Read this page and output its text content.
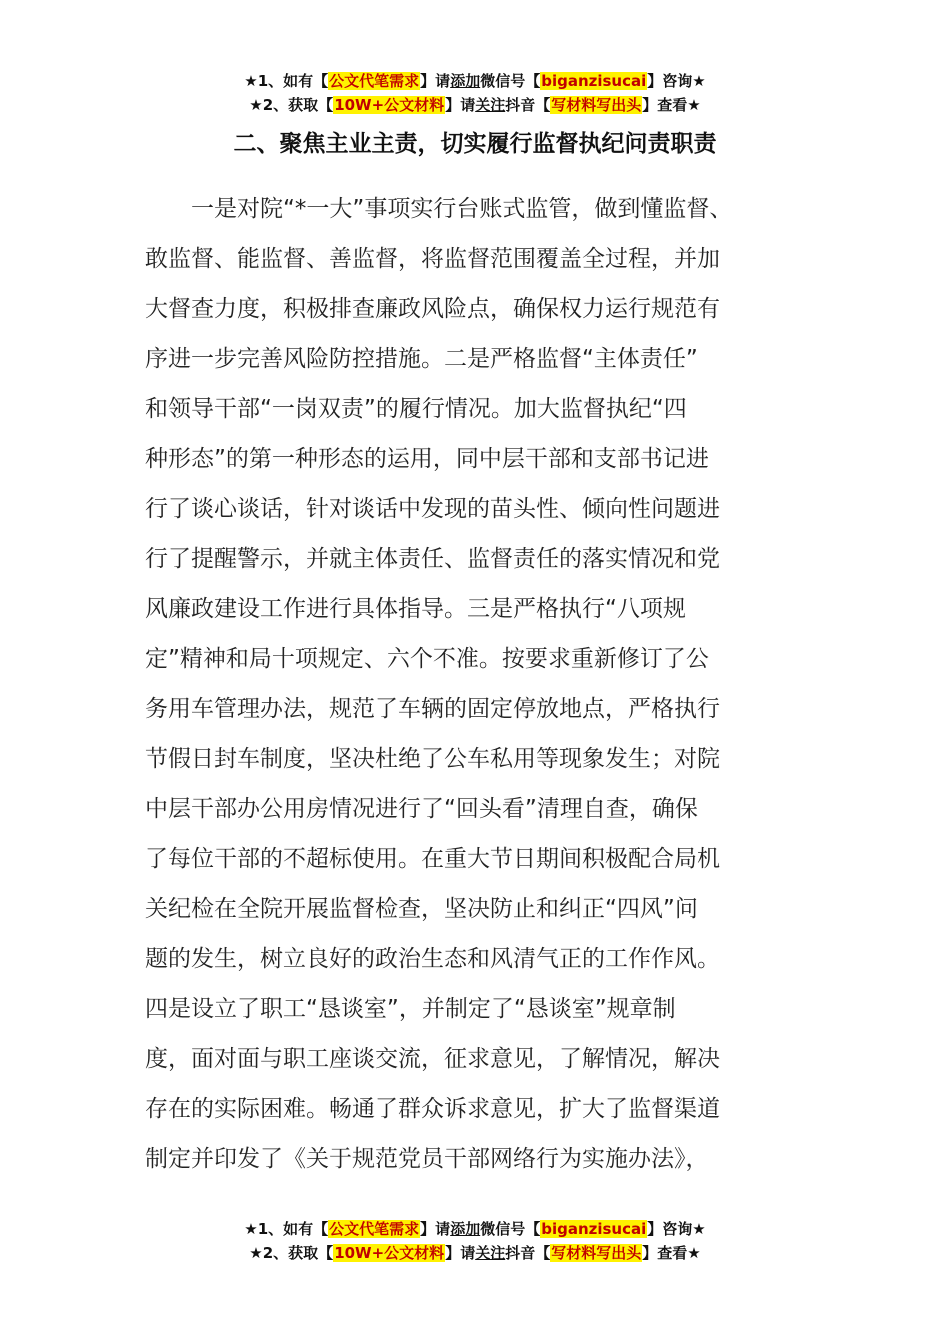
★1、如有【公文代笔需求】请添加微信号【biganzisucai】咨询★
★2、获取【10W+公文材料】请关注抖音【写材料写出头】查看★
二、聚焦主业主责，切实履行监督执纪问责职责
一是对院“*一大”事项实行台账式监管，做到懂监督、
敢监督、能监督、善监督，将监督范围覆盖全过程，并加
大督查力度，积极排查廉政风险点，确保权力运行规范有
序进一步完善风险防控措施。二是严格监督“主体责任”
和领导干部“一岗双责”的履行情况。加大监督执纪“四
种形态”的第一种形态的运用，同中层干部和支部书记进
行了谈心谈话，针对谈话中发现的苗头性、倾向性问题进
行了提醒警示，并就主体责任、监督责任的落实情况和党
风廉政建设工作进行具体指导。三是严格执行“八项规
定”精神和局十项规定、六个不准。按要求重新修订了公
务用车管理办法，规范了车辆的固定停放地点，严格执行
节假日封车制度，坚决杜绝了公车私用等现象发生；对院
中层干部办公用房情况进行了“回头看”清理自查，确保
了每位干部的不超标使用。在重大节日期间积极配合局机
关纪检在全院开展监督检查，坚决防止和纠正“四风”问
题的发生，树立良好的政治生态和风清气正的工作作风。
四是设立了职工“恳谈室”，并制定了“恳谈室”规章制
度，面对面与职工座谈交流，征求意见，了解情况，解决
存在的实际困难。畅通了群众诉求意见，扩大了监督渠道
制定并印发了《关于规范党员干部网络行为实施办法》，
★1、如有【公文代笔需求】请添加微信号【biganzisucai】咨询★
★2、获取【10W+公文材料】请关注抖音【写材料写出头】查看★
